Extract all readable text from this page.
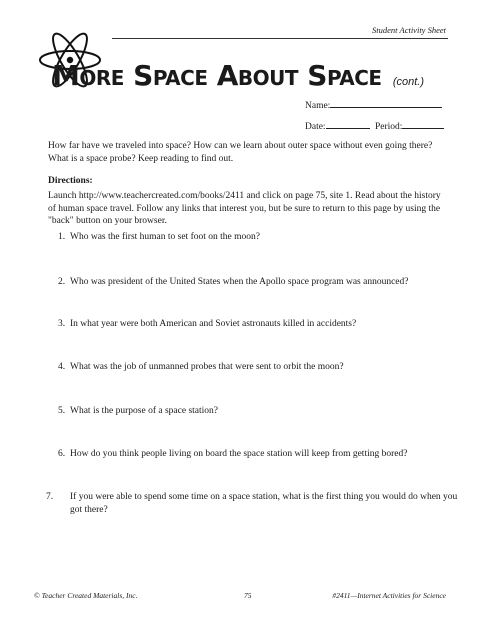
Student Activity Sheet
More Space About Space (cont.)
Name:
Date:	Period:
How far have we traveled into space? How can we learn about outer space without even going there? What is a space probe? Keep reading to find out.
Directions:
Launch http://www.teachercreated.com/books/2411 and click on page 75, site 1. Read about the history of human space travel. Follow any links that interest you, but be sure to return to this page by using the "back" button on your browser.
1. Who was the first human to set foot on the moon?
2. Who was president of the United States when the Apollo space program was announced?
3. In what year were both American and Soviet astronauts killed in accidents?
4. What was the job of unmanned probes that were sent to orbit the moon?
5. What is the purpose of a space station?
6. How do you think people living on board the space station will keep from getting bored?
7. If you were able to spend some time on a space station, what is the first thing you would do when you got there?
© Teacher Created Materials, Inc.	75	#2411—Internet Activities for Science
